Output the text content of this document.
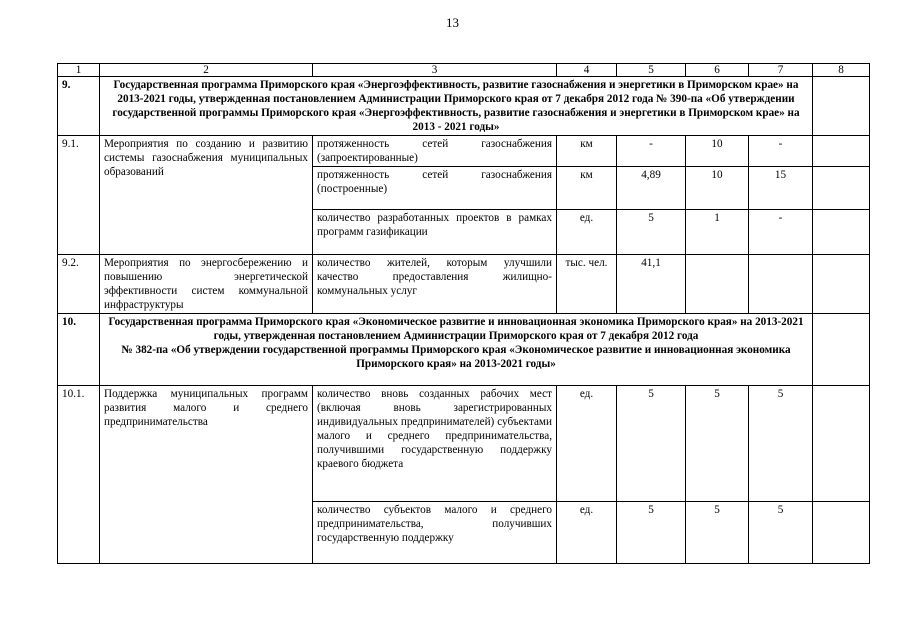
13
1	2	3	4	5	6	7	8
9.	Государственная программа Приморского края «Энергоэффективность, развитие газоснабжения и энергетики в Приморском крае» на 2013-2021 годы, утвержденная постановлением Администрации Приморского края от 7 декабря 2012 года № 390-па «Об утверждении государственной программы Приморского края «Энергоэффективность, развитие газоснабжения и энергетики в Приморском крае» на 2013 - 2021 годы»						
9.1.	Мероприятия по созданию и развитию системы газоснабжения муниципальных образований	протяженность сетей газоснабжения (запроектированные)	км	-	10	-	
		протяженность сетей газоснабжения (построенные)	км	4,89	10	15	
		количество разработанных проектов в рамках программ газификации	ед.	5	1	-	
9.2.	Мероприятия по энергосбережению и повышению энергетической эффективности систем коммунальной инфраструктуры	количество жителей, которым улучшили качество предоставления жилищно-коммунальных услуг	тыс. чел.	41,1			
10.	Государственная программа Приморского края «Экономическое развитие и инновационная экономика Приморского края» на 2013-2021 годы, утвержденная постановлением Администрации Приморского края от 7 декабря 2012 года
№ 382-па «Об утверждении государственной программы Приморского края «Экономическое развитие и инновационная экономика Приморского края» на 2013-2021 годы»						

10.1.	Поддержка муниципальных программ развития малого и среднего предпринимательства	количество вновь созданных рабочих мест (включая вновь зарегистрированных индивидуальных предпринимателей) субъектами малого и среднего предпринимательства, получившими государственную поддержку краевого бюджета	ед.	5	5	5	
		количество субъектов малого и среднего предпринимательства, получивших государственную поддержку	ед.	5	5	5	
